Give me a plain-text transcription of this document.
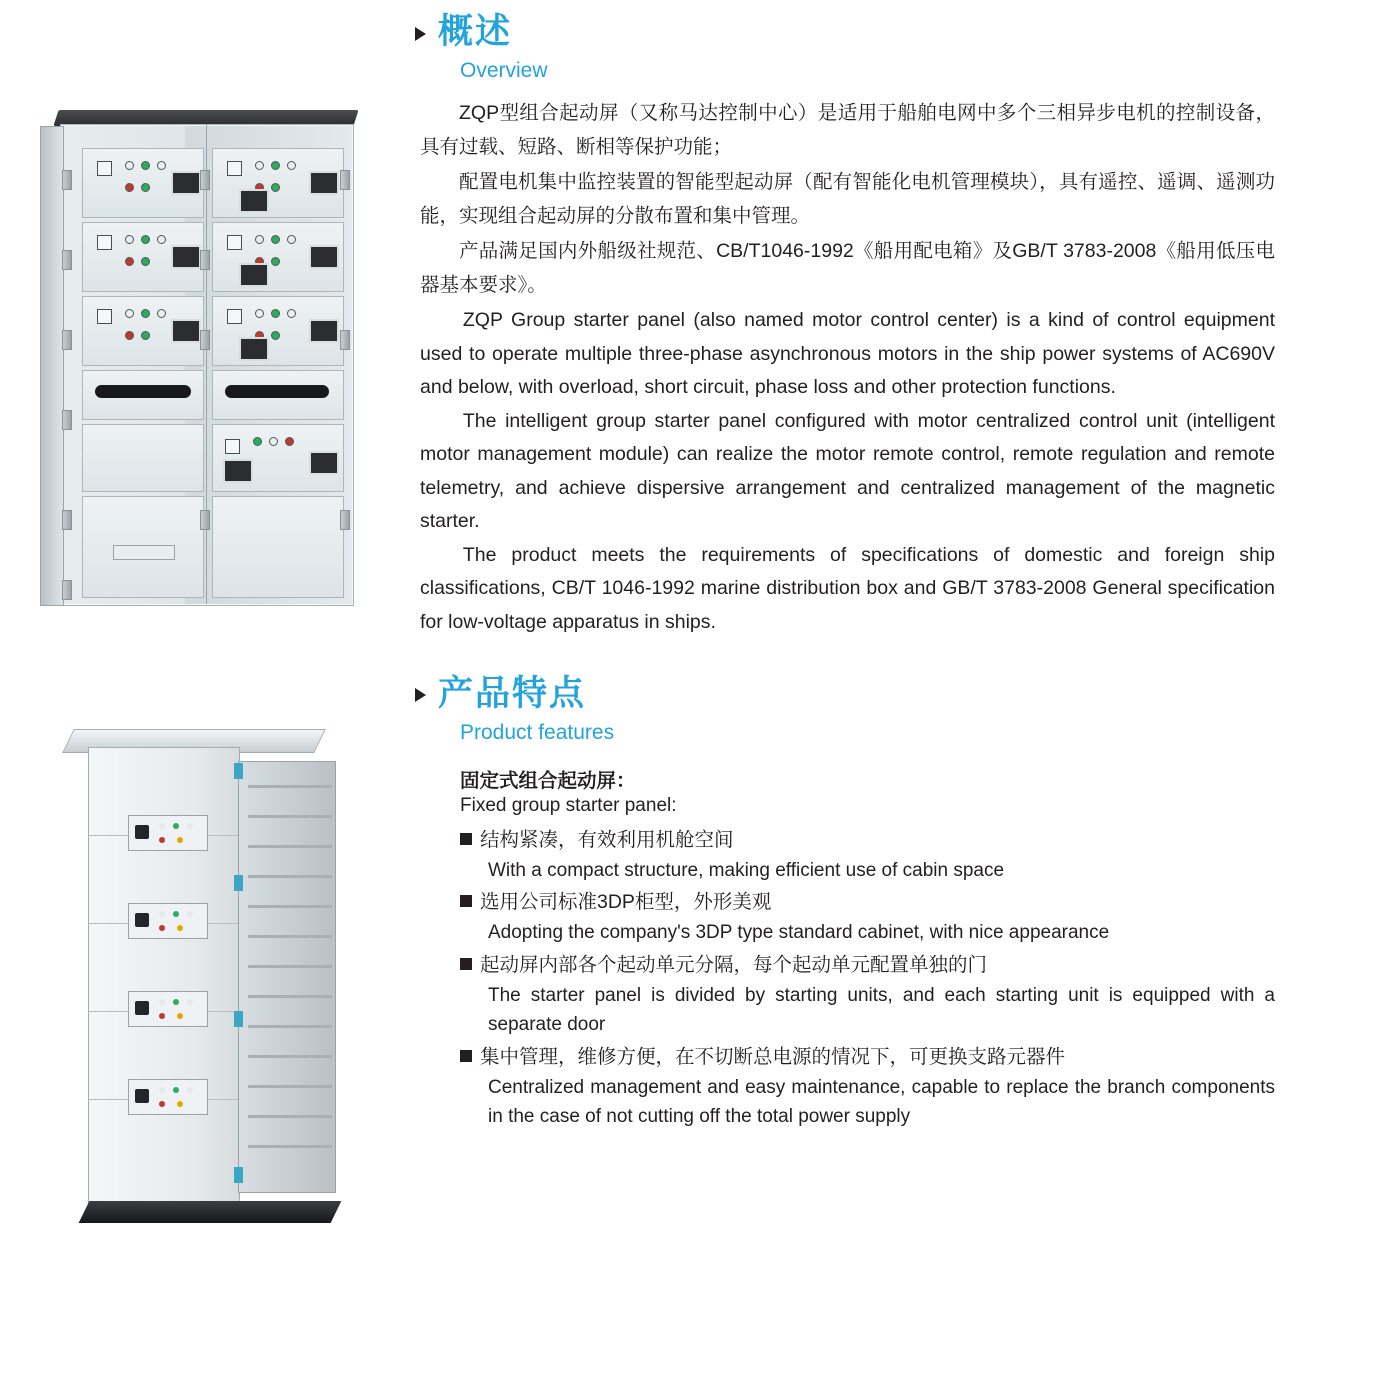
概述
Overview

ZQP型组合起动屏（又称马达控制中心）是适用于船舶电网中多个三相异步电机的控制设备，具有过载、短路、断相等保护功能；

配置电机集中监控装置的智能型起动屏（配有智能化电机管理模块），具有遥控、遥调、遥测功能，实现组合起动屏的分散布置和集中管理。

产品满足国内外船级社规范、CB/T1046-1992《船用配电箱》及GB/T 3783-2008《船用低压电器基本要求》。

ZQP Group starter panel (also named motor control center) is a kind of control equipment used to operate multiple three-phase asynchronous motors in the ship power systems of AC690V and below, with overload, short circuit, phase loss and other protection functions.

The intelligent group starter panel configured with motor centralized control unit (intelligent motor management module) can realize the motor remote control, remote regulation and remote telemetry, and achieve dispersive arrangement and centralized management of the magnetic starter.

The product meets the requirements of specifications of domestic and foreign ship classifications, CB/T 1046-1992 marine distribution box and GB/T 3783-2008 General specification for low-voltage apparatus in ships.

产品特点
Product features
固定式组合起动屏：
Fixed group starter panel:
结构紧凑，有效利用机舱空间
With a compact structure, making efficient use of cabin space
选用公司标准3DP柜型，外形美观
Adopting the company's 3DP type standard cabinet, with nice appearance
起动屏内部各个起动单元分隔，每个起动单元配置单独的门
The starter panel is divided by starting units, and each starting unit is equipped with a separate door
集中管理，维修方便，在不切断总电源的情况下，可更换支路元器件
Centralized management and easy maintenance, capable to replace the branch components in the case of not cutting off the total power supply
